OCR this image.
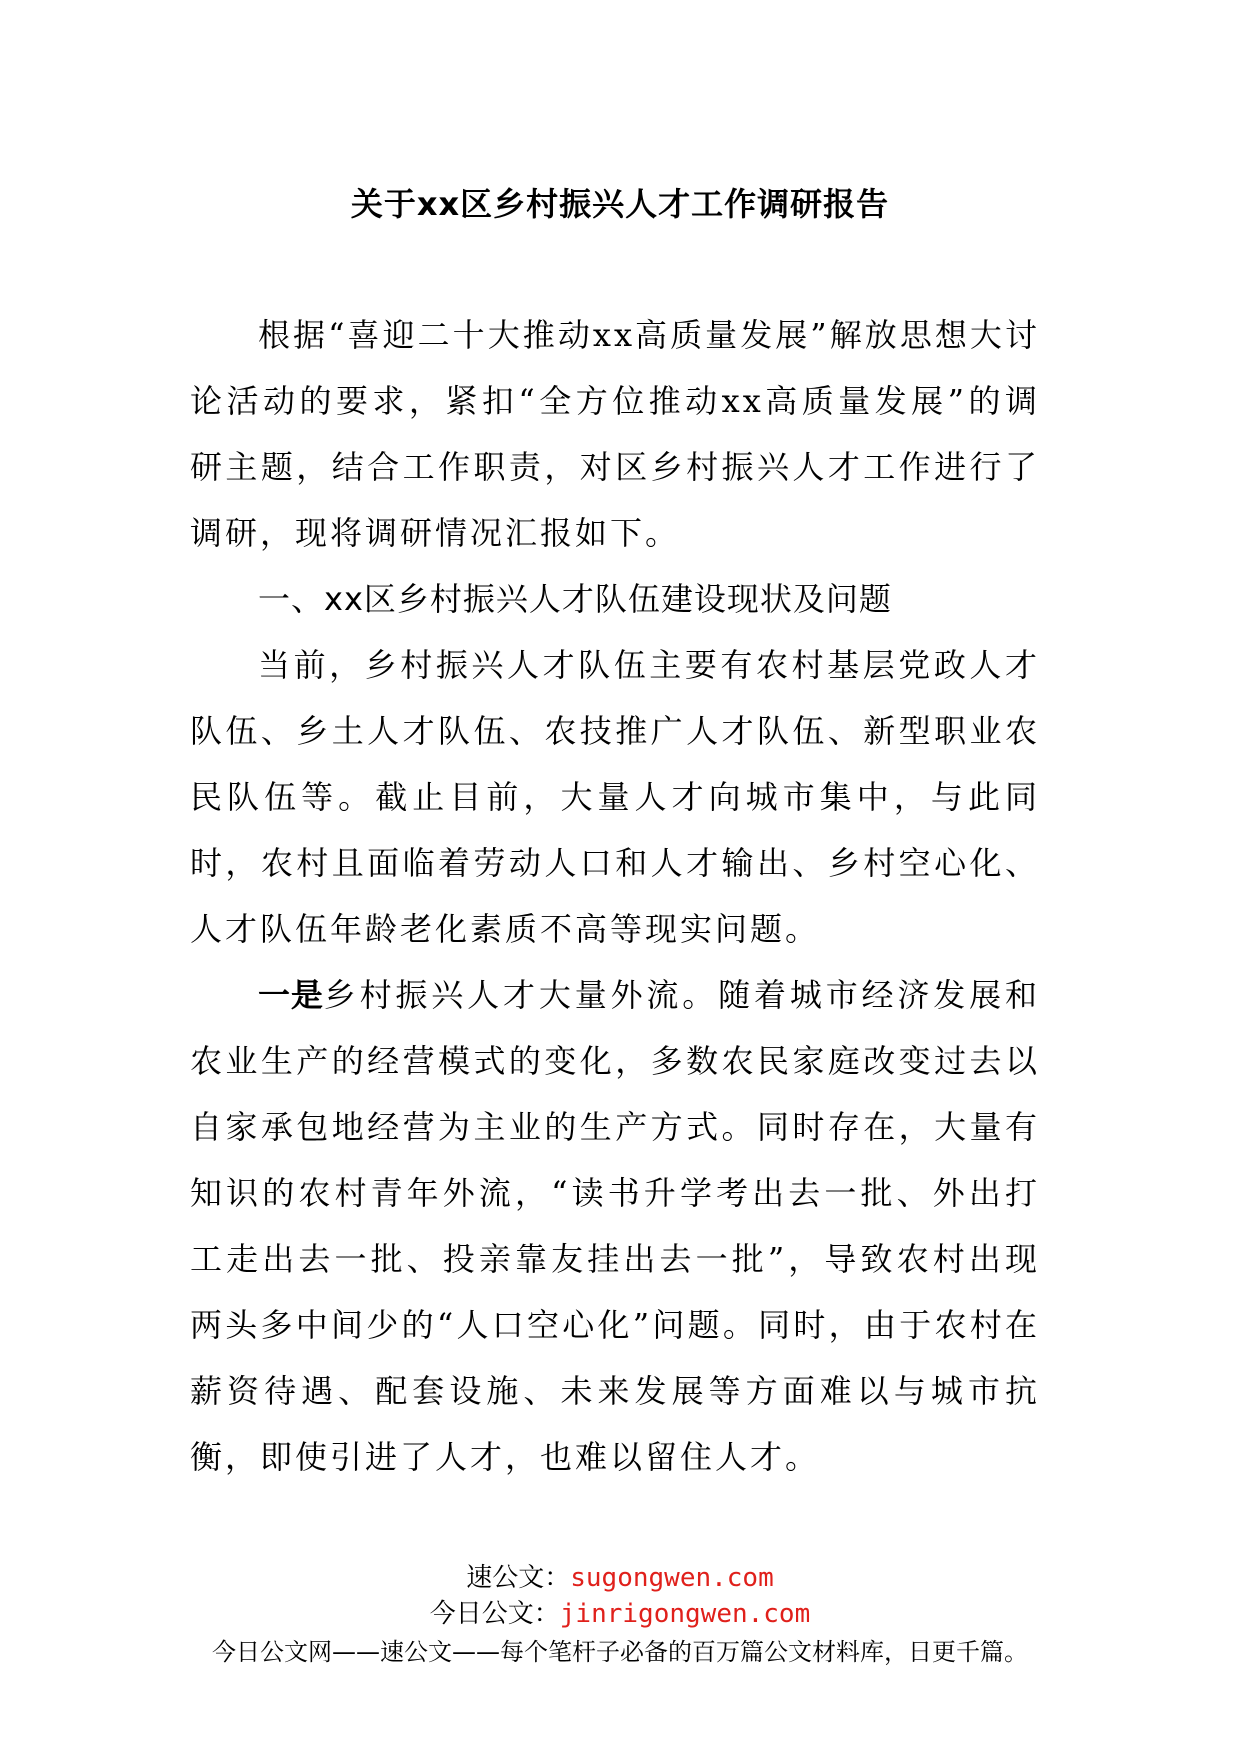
关于xx区乡村振兴人才工作调研报告

根据“喜迎二十大推动xx高质量发展”解放思想大讨论活动的要求，紧扣“全方位推动xx高质量发展”的调研主题，结合工作职责，对区乡村振兴人才工作进行了调研，现将调研情况汇报如下。

一、xx区乡村振兴人才队伍建设现状及问题

当前，乡村振兴人才队伍主要有农村基层党政人才队伍、乡土人才队伍、农技推广人才队伍、新型职业农民队伍等。截止目前，大量人才向城市集中，与此同时，农村且面临着劳动人口和人才输出、乡村空心化、人才队伍年龄老化素质不高等现实问题。

一是乡村振兴人才大量外流。随着城市经济发展和农业生产的经营模式的变化，多数农民家庭改变过去以自家承包地经营为主业的生产方式。同时存在，大量有知识的农村青年外流，“读书升学考出去一批、外出打工走出去一批、投亲靠友挂出去一批”，导致农村出现两头多中间少的“人口空心化”问题。同时，由于农村在薪资待遇、配套设施、未来发展等方面难以与城市抗衡，即使引进了人才，也难以留住人才。

速公文：sugongwen.com
今日公文：jinrigongwen.com
今日公文网——速公文——每个笔杆子必备的百万篇公文材料库，日更千篇。
